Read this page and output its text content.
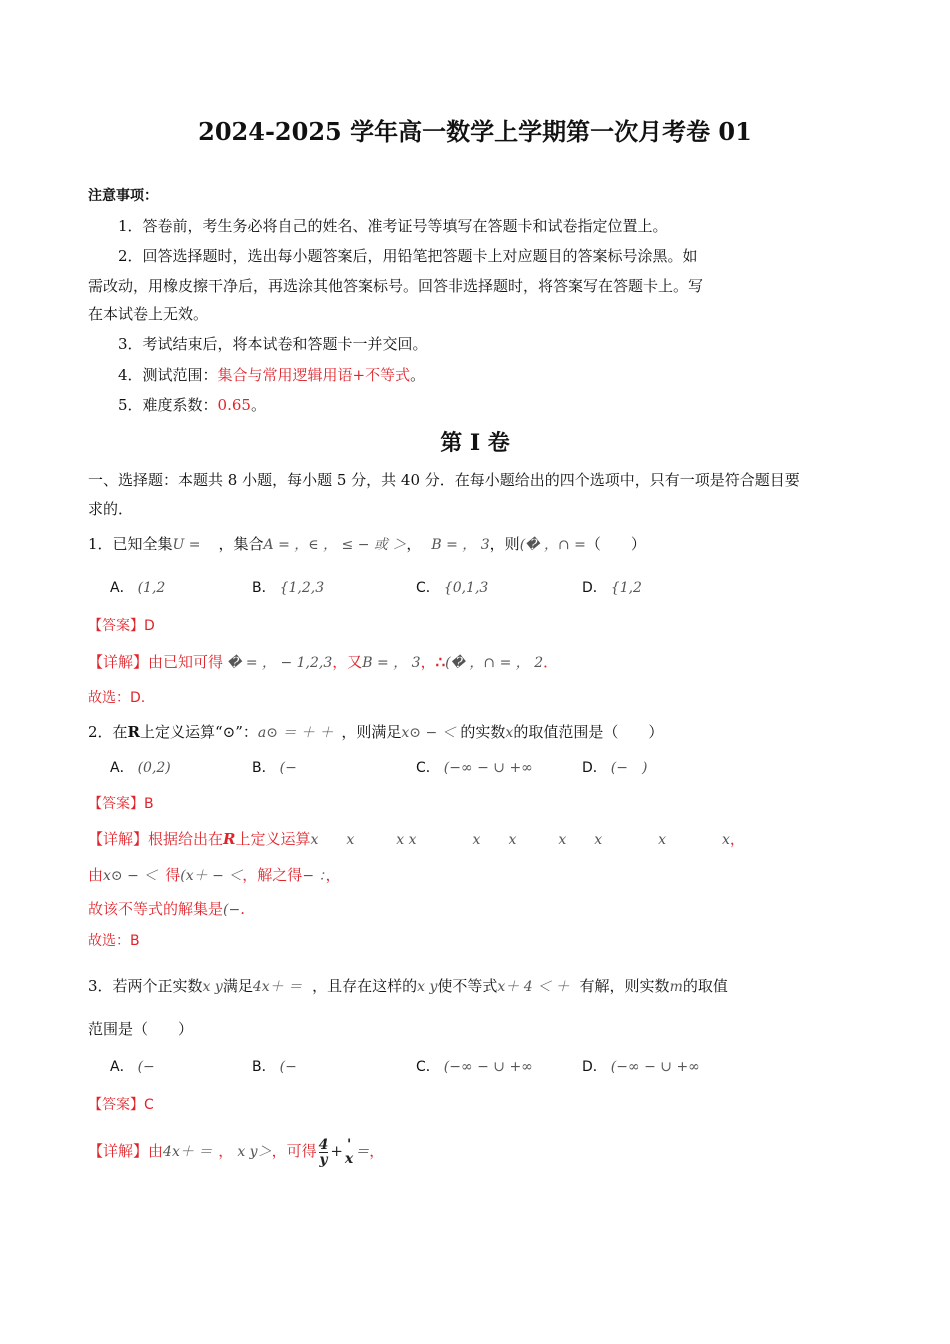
2024-2025 学年高一数学上学期第一次月考卷 01
注意事项：
1．答卷前，考生务必将自己的姓名、准考证号等填写在答题卡和试卷指定位置上。
2．回答选择题时，选出每小题答案后，用铅笔把答题卡上对应题目的答案标号涂黑。如
需改动，用橡皮擦干净后，再选涂其他答案标号。回答非选择题时，将答案写在答题卡上。写
在本试卷上无效。
3．考试结束后，将本试卷和答题卡一并交回。
4．测试范围：集合与常用逻辑用语+不等式。
5．难度系数：0.65。
第 Ⅰ 卷
一、选择题：本题共 8 小题，每小题 5 分，共 40 分．在每小题给出的四个选项中，只有一项是符合题目要
求的．
1．已知全集U = ，集合A = ，∈ ， ≤ − 或 ＞， B = ， 3，则(� ，∩ =（　　）
A． (1,2	B． {1,2,3	C． {0,1,3	D． {1,2
【答案】D
【详解】由已知可得 � = ， − 1,2,3，又B = ， 3，∴(� ，∩ = ， 2．
故选：D.
2．在R上定义运算“⊙”：a⊙ ＝ ＋ ＋ ，则满足x⊙ − ＜ 的实数x的取值范围是（　　）
A． (0,2)	B． (−	C． (−∞ − ∪ +∞	D． (−　)
【答案】B
【详解】根据给出在R上定义运算x　　x　　　x x　　　　x　　x　　　x　　x　　　　x　　　　x，
由x⊙ − ＜ 得(x＋ − ＜，解之得− ：，
故该不等式的解集是(−.
故选：B
3．若两个正实数x y满足4x＋ ＝ ，且存在这样的x y使不等式x＋ 4 ＜ ＋ 有解，则实数m的取值
范围是（　　）
A． (−	B． (−	C． (−∞ − ∪ +∞	D． (−∞ − ∪ +∞
【答案】C
【详解】由4x＋ ＝ ， x y＞，可得 $\frac{4}{y}$ + '
x ＝，
